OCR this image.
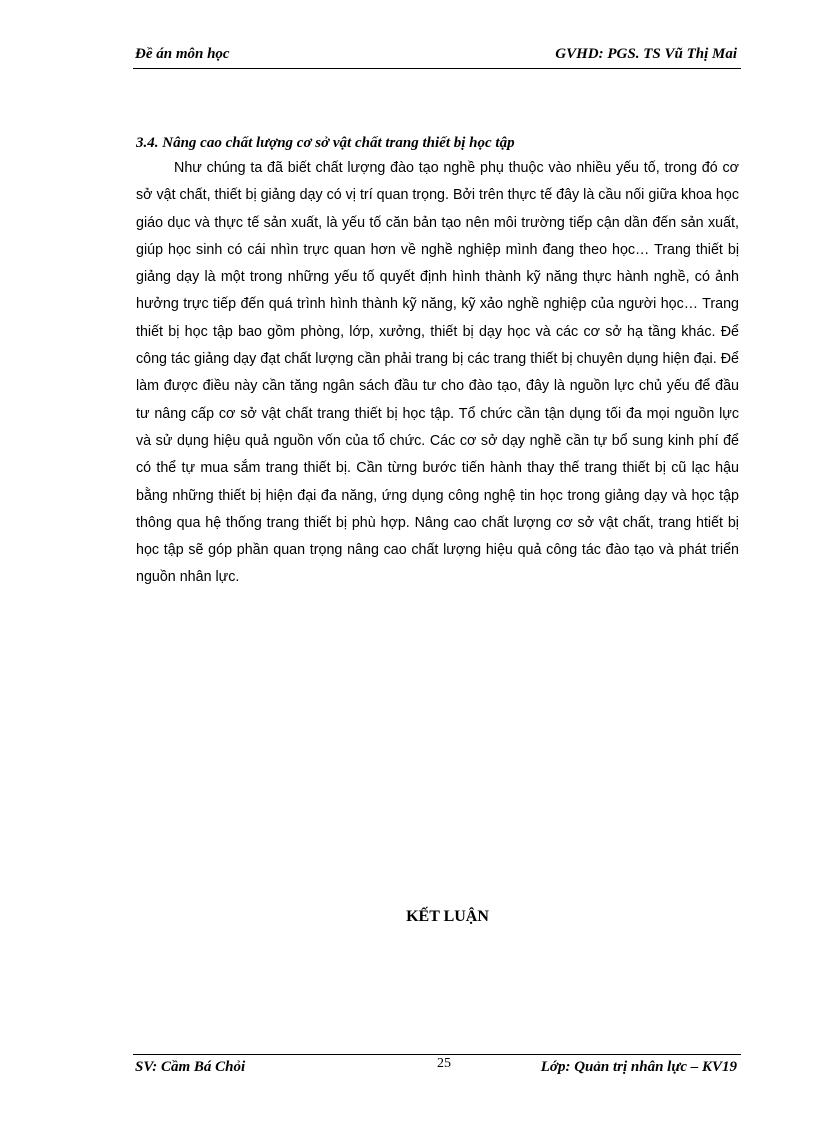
Đề án môn học	GVHD: PGS. TS Vũ Thị Mai
3.4. Nâng cao chất lượng cơ sở vật chất trang thiết bị học tập

Như chúng ta đã biết chất lượng đào tạo nghề phụ thuộc vào nhiều yếu tố, trong đó cơ sở vật chất, thiết bị giảng dạy có vị trí quan trọng. Bởi trên thực tế đây là cầu nối giữa khoa học giáo dục và thực tế sản xuất, là yếu tố căn bản tạo nên môi trường tiếp cận dần đến sản xuất, giúp học sinh có cái nhìn trực quan hơn về nghề nghiệp mình đang theo học… Trang thiết bị giảng dạy là một trong những yếu tố quyết định hình thành kỹ năng thực hành nghề, có ảnh hưởng trực tiếp đến quá trình hình thành kỹ năng, kỹ xảo nghề nghiệp của người học… Trang thiết bị học tập bao gồm phòng, lớp, xưởng, thiết bị dạy học và các cơ sở hạ tầng khác. Để công tác giảng dạy đạt chất lượng cần phải trang bị các trang thiết bị chuyên dụng hiện đại. Để làm được điều này cần tăng ngân sách đầu tư cho đào tạo, đây là nguồn lực chủ yếu để đầu tư nâng cấp cơ sở vật chất trang thiết bị học tập. Tổ chức cần tận dụng tối đa mọi nguồn lực và sử dụng hiệu quả nguồn vốn của tổ chức. Các cơ sở dạy nghề cần tự bổ sung kinh phí để có thể tự mua sắm trang thiết bị. Cần từng bước tiến hành thay thế trang thiết bị cũ lạc hậu bằng những thiết bị hiện đại đa năng, ứng dụng công nghệ tin học trong giảng dạy và học tập thông qua hệ thống trang thiết bị phù hợp. Nâng cao chất lượng cơ sở vật chất, trang htiết bị học tập sẽ góp phần quan trọng nâng cao chất lượng hiệu quả công tác đào tạo và phát triển nguồn nhân lực.

KẾT LUẬN
SV: Cầm Bá Chỏi	25	Lớp: Quản trị nhân lực – KV19
